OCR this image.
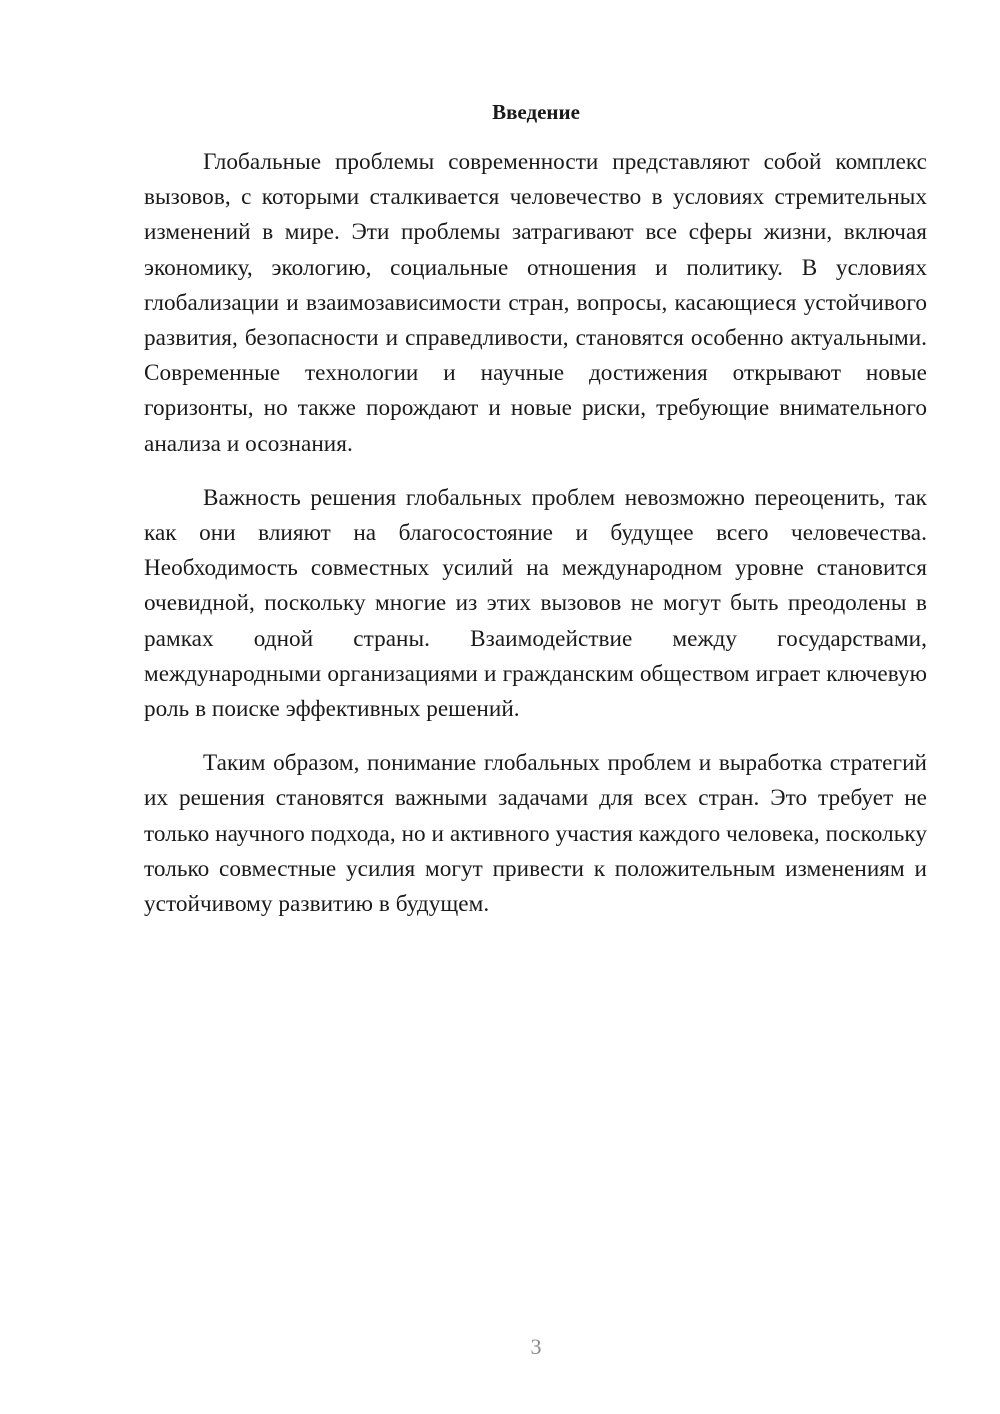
Введение

Глобальные проблемы современности представляют собой комплекс вызовов, с которыми сталкивается человечество в условиях стремительных изменений в мире. Эти проблемы затрагивают все сферы жизни, включая экономику, экологию, социальные отношения и политику. В условиях глобализации и взаимозависимости стран, вопросы, касающиеся устойчивого развития, безопасности и справедливости, становятся особенно актуальными. Современные технологии и научные достижения открывают новые горизонты, но также порождают и новые риски, требующие внимательного анализа и осознания.

Важность решения глобальных проблем невозможно переоценить, так как они влияют на благосостояние и будущее всего человечества. Необходимость совместных усилий на международном уровне становится очевидной, поскольку многие из этих вызовов не могут быть преодолены в рамках одной страны. Взаимодействие между государствами, международными организациями и гражданским обществом играет ключевую роль в поиске эффективных решений.

Таким образом, понимание глобальных проблем и выработка стратегий их решения становятся важными задачами для всех стран. Это требует не только научного подхода, но и активного участия каждого человека, поскольку только совместные усилия могут привести к положительным изменениям и устойчивому развитию в будущем.

3
